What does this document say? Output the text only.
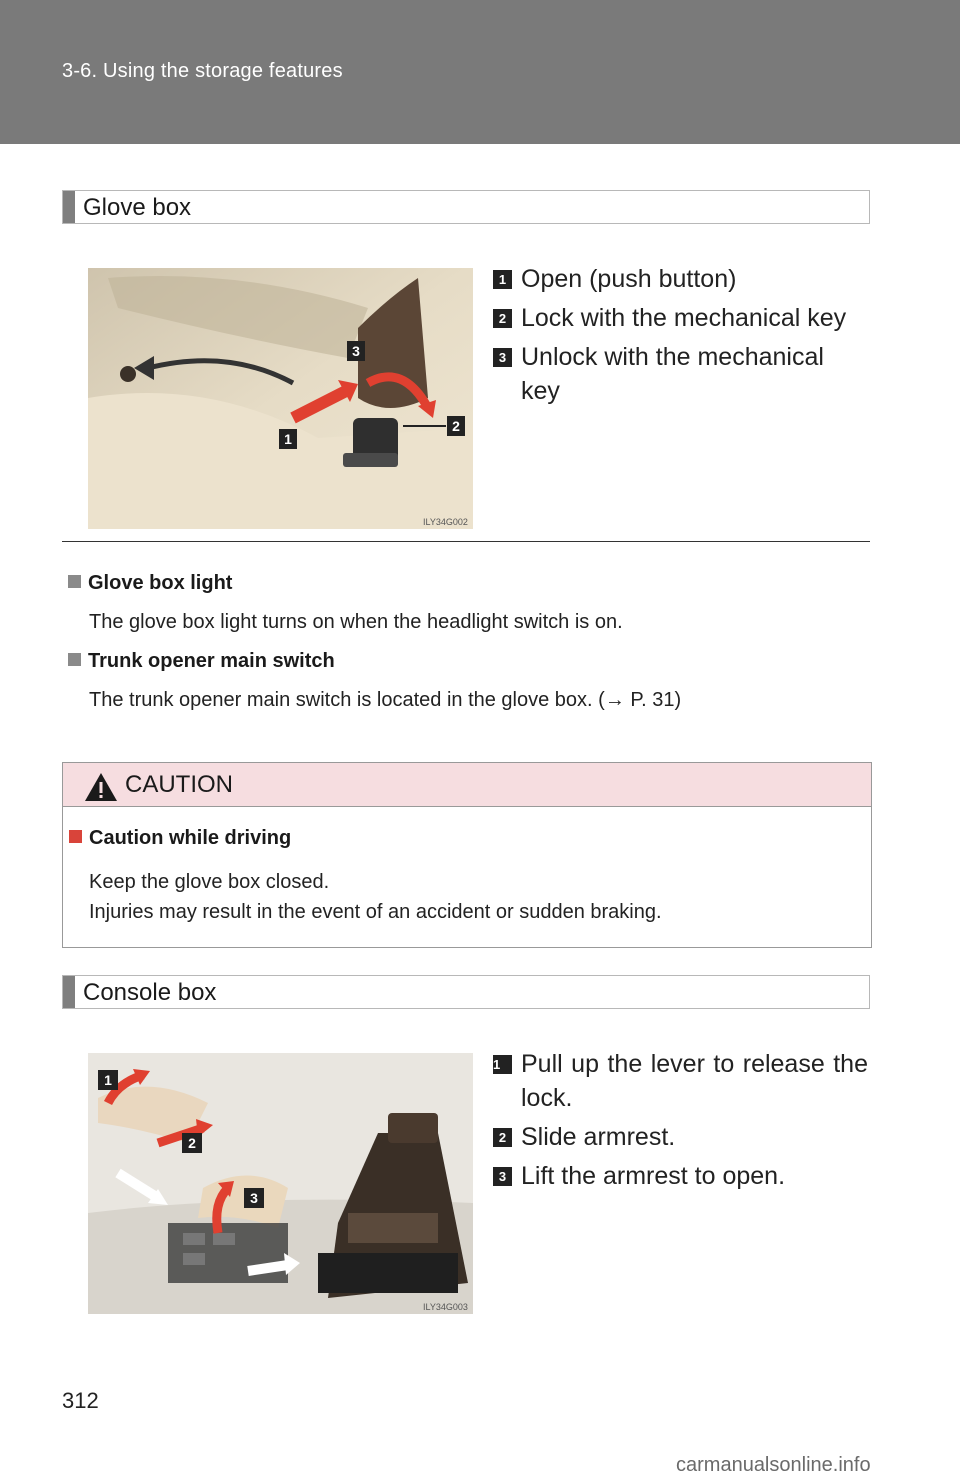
3-6. Using the storage features
Glove box
3
1
2
ILY34G002
1 Open (push button)
2 Lock with the mechanical key
3 Unlock with the mechanical key
Glove box light
The glove box light turns on when the headlight switch is on.
Trunk opener main switch
The trunk opener main switch is located in the glove box. (→ P. 31)
CAUTION
Caution while driving
Keep the glove box closed.
Injuries may result in the event of an accident or sudden braking.
Console box
1
2
3
ILY34G003
1 Pull up the lever to release the lock.
2 Slide armrest.
3 Lift the armrest to open.
312
carmanualsonline.info
